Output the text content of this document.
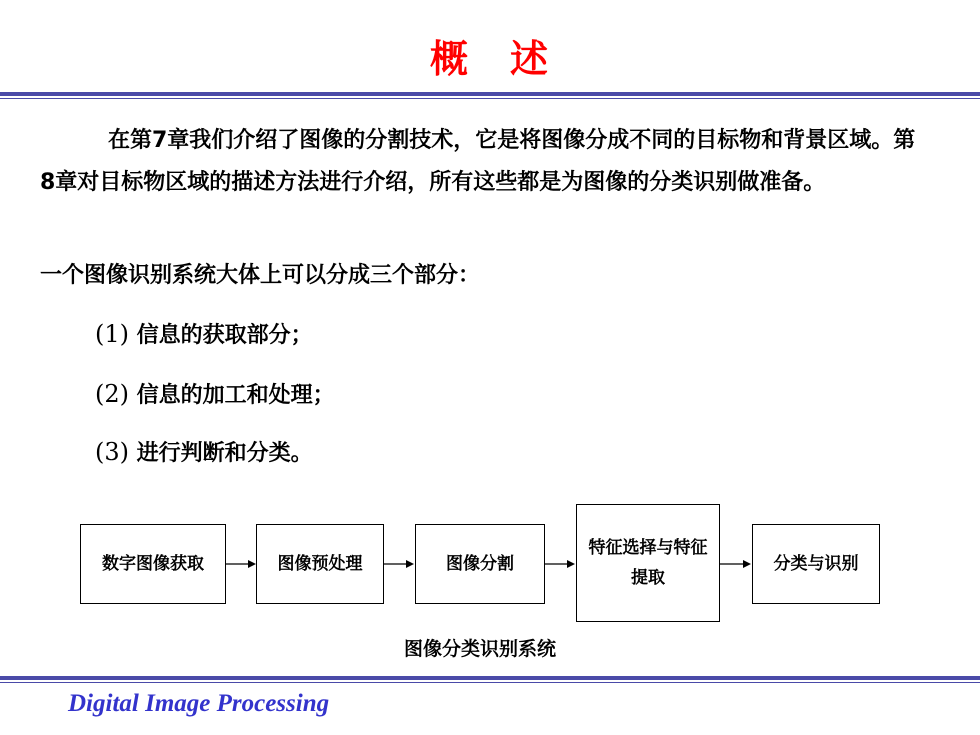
概　述
在第7章我们介绍了图像的分割技术，它是将图像分成不同的目标物和背景区域。第8章对目标物区域的描述方法进行介绍，所有这些都是为图像的分类识别做准备。
一个图像识别系统大体上可以分成三个部分：
(1) 信息的获取部分；
(2) 信息的加工和处理；
(3) 进行判断和分类。
数字图像获取	图像预处理	图像分割
特征选择与特征提取
分类与识别
图像分类识别系统
Digital Image Processing
